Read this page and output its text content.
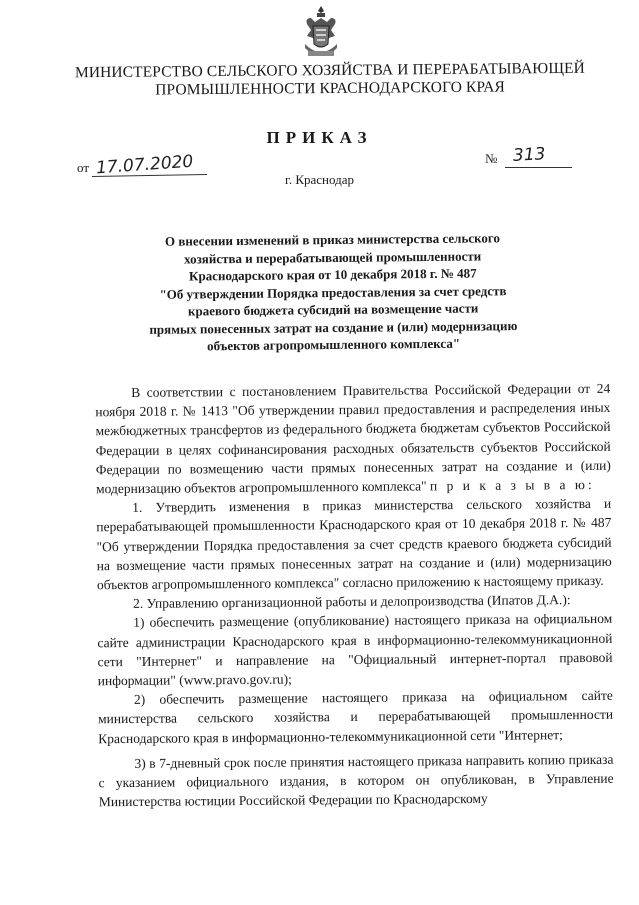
МИНИСТЕРСТВО СЕЛЬСКОГО ХОЗЯЙСТВА И ПЕРЕРАБАТЫВАЮЩЕЙ
ПРОМЫШЛЕННОСТИ КРАСНОДАРСКОГО КРАЯ
ПРИКАЗ
от 17.07.2020	№ 313
г. Краснодар
О внесении изменений в приказ министерства сельского
хозяйства и перерабатывающей промышленности
Краснодарского края от 10 декабря 2018 г. № 487
"Об утверждении Порядка предоставления за счет средств
краевого бюджета субсидий на возмещение части
прямых понесенных затрат на создание и (или) модернизацию
объектов агропромышленного комплекса"

В соответствии с постановлением Правительства Российской Федерации от 24 ноября 2018 г. № 1413 "Об утверждении правил предоставления и распределения иных межбюджетных трансфертов из федерального бюджета бюджетам субъектов Российской Федерации в целях софинансирования расходных обязательств субъектов Российской Федерации по возмещению части прямых понесенных затрат на создание и (или) модернизацию объектов агропромышленного комплекса" п р и к а з ы в а ю:

1. Утвердить изменения в приказ министерства сельского хозяйства и перерабатывающей промышленности Краснодарского края от 10 декабря 2018 г. № 487 "Об утверждении Порядка предоставления за счет средств краевого бюджета субсидий на возмещение части прямых понесенных затрат на создание и (или) модернизацию объектов агропромышленного комплекса" согласно приложению к настоящему приказу.

2. Управлению организационной работы и делопроизводства (Ипатов Д.А.):

1) обеспечить размещение (опубликование) настоящего приказа на официальном сайте администрации Краснодарского края в информационно-телекоммуникационной сети "Интернет" и направление на "Официальный интернет-портал правовой информации" (www.pravo.gov.ru);

2) обеспечить размещение настоящего приказа на официальном сайте министерства сельского хозяйства и перерабатывающей промышленности Краснодарского края в информационно-телекоммуникационной сети "Интернет;

3) в 7-дневный срок после принятия настоящего приказа направить копию приказа с указанием официального издания, в котором он опубликован, в Управление Министерства юстиции Российской Федерации по Краснодарскому
